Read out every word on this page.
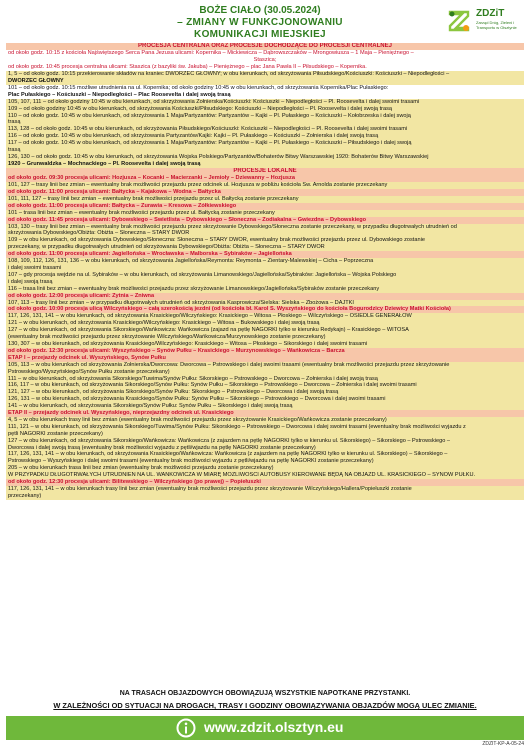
BOŻE CIAŁO (30.05.2024)
– ZMIANY W FUNKCJONOWANIU
KOMUNIKACJI MIEJSKIEJ
ZDZiT
Zarząd Dróg, Zieleni i Transportu w Olsztynie
PROCESJA CENTRALNA ORAZ PROCESJE DOCHODZĄCE DO PROCESJI CENTRALNEJ
od około godz. 10:15 z kościoła Najświętszego Serca Pana Jezusa ulicami: Kopernika – Mickiewicza – Dąbrowszczaków – Mrongowiusza – 1 Maja – Pieniężnego –
Staszica;
od około godz. 10:45 procesja centralna ulicami: Staszica (z bazyliki św. Jakuba) – Pieniężnego – plac Jana Pawła II – Piłsudskiego – Kopernika.
1, 5 – od około godz. 10:15 przekierowanie składów na kraniec DWORZEC GŁÓWNY; w obu kierunkach, od skrzyżowania Piłsudskiego/Kościuszki: Kościuszki – Niepodległości –
DWORZEC GŁÓWNY
101 – od około godz. 10:15 możliwe utrudnienia na ul. Kopernika; od około godziny 10:45 w obu kierunkach, od skrzyżowania Kopernika/Plac Pułaskiego:
Plac Pułaskiego – Kościuszki – Niepodległości – Plac Roosevelta i dalej swoją trasą
105, 107, 111 – od około godziny 10:45 w obu kierunkach, od skrzyżowania Żołnierska/Kościuszki: Kościuszki – Niepodległości – Pl. Roosevelta i dalej swoimi trasami
109 – od około godziny 10:45 w obu kierunkach, od skrzyżowania Kościuszki/Piłsudskiego: Kościuszki – Niepodległości – Pl. Roosevelta i dalej swoją trasą
110 – od około godz. 10:45 w obu kierunkach, od skrzyżowania 1 Maja/Partyzantów: Partyzantów – Kajki – Pl. Pułaskiego – Kościuszki – Kołobrzeska i dalej swoją
trasą
113, 128 – od około godz. 10:45 w obu kierunkach, od skrzyżowania Piłsudskiego/Kościuszki: Kościuszki – Niepodległości – Pl. Roosevelta i dalej swoimi trasami
116 – od około godz. 10:45 w obu kierunkach, od skrzyżowania Partyzantów/Kajki: Kajki – Pl. Pułaskiego – Kościuszki – Żołnierska i dalej swoją trasą
117 – od około godz. 10:45 w obu kierunkach, od skrzyżowania 1 Maja/Partyzantów: Partyzantów – Kajki – Pl. Pułaskiego – Kościuszki – Piłsudskiego i dalej swoją
trasą
126, 130 – od około godz. 10:45 w obu kierunkach, od skrzyżowania Wojska Polskiego/Partyzantów/Bohaterów Bitwy Warszawskiej 1920: Bohaterów Bitwy Warszawskiej
1920 – Grunwaldzka – Mochnackiego – Pl. Roosevelta i dalej swoją trasą
PROCESJE LOKALNE
od około godz. 09:30 procesja ulicami: Hozjusza – Kocanki – Macierzanki – Jemioły – Dziewanny – Hozjusza
101, 127 – trasy linii bez zmian – ewentualny brak możliwości przejazdu przez odcinek ul. Hozjusza w pobliżu kościoła Św. Arnolda zostanie przeczekany
od około godz. 11:00 procesja ulicami: Bałtycka – Kajakowa – Wodna – Bałtycka
101, 111, 127 – trasy linii bez zmian – ewentualny brak możliwości przejazdu przez ul. Bałtycką zostanie przeczekany
od około godz. 11:00 procesja ulicami: Bałtycka – Żurawia – Kresowa – Żółkiewskiego
101 – trasa linii bez zmian – ewentualny brak możliwości przejazdu przez ul. Bałtycką zostanie przeczekany
od około godz. 11:45 procesja ulicami: Dybowskiego – Świetlista – Dybowskiego – Słoneczna – Zodiakalna – Gwiezdna – Dybowskiego
103, 130 – trasy linii bez zmian – ewentualny brak możliwości przejazdu przez skrzyżowanie Dybowskiego/Słoneczna zostanie przeczekany, w przypadku długotrwałych utrudnień od
skrzyżowania Dybowskiego/Obiżta: Obiżta – Słoneczna – STARY DWÓR
109 – w obu kierunkach, od skrzyżowania Dybowskiego/Słoneczna: Słoneczna – STARY DWÓR, ewentualny brak możliwości przejazdu przez ul. Dybowskiego zostanie
przeczekany, w przypadku długotrwałych utrudnień od skrzyżowania Dybowskiego/Obiżta: Obiżta – Słoneczna – STARY DWÓR
od około godz. 11:00 procesja ulicami: Jagiellońska – Wrocławska – Malborska – Sybiraków – Jagiellońska
108, 109, 112, 126, 131, 136 – w obu kierunkach, od skrzyżowania Jagiellońska/Reymonta: Reymonta – Zientary-Malewskiej – Cicha – Poprzeczna
i dalej swoimi trasami
107 – gdy procesja wejdzie na ul. Sybiraków – w obu kierunkach, od skrzyżowania Limanowskiego/Jagiellońska/Sybiraków: Jagiellońska – Wojska Polskiego
i dalej swoją trasą
116 – trasa linii bez zmian – ewentualny brak możliwości przejazdu przez skrzyżowanie Limanowskiego/Jagiellońska/Sybiraków zostanie przeczekany
od około godz. 12:00 procesja ulicami: Żytnia – Żniwna
107, 113 – trasy linii bez zmian – w przypadku długotrwałych utrudnień od skrzyżowania Kasprowicza/Sielska: Sielska – Zbożowa – DAJTKI
od około godz. 10:00 procesja ulicą Wilczyńskiego – całą szerokością jezdni (od kościoła bł. Karol S. Wyszyńskiego do kościoła Bogurodzicy Dziewicy Matki Kościoła)
117, 126, 131, 141 – w obu kierunkach, od skrzyżowania Krasickiego/Wilczyńskiego: Krasickiego – Witosa – Płoskiego – Wilczyńskiego – OSIEDLE GENERAŁÓW
121 – w obu kierunkach, od skrzyżowania Krasickiego/Wilczyńskiego: Krasickiego – Witosa – Bukowskiego i dalej swoją trasą
127 – w obu kierunkach, od skrzyżowania Sikorskiego/Wańkowicza: Wańkowicza (zajazd na pętlę NAGÓRKI tylko w kierunku Redykajn) – Krasickiego – WITOSA
(ewentualny brak możliwości przejazdu przez skrzyżowanie Wilczyńskiego/Wańkowicza/Murzynowskiego zostanie przeczekany)
130, 307 – w obu kierunkach, od skrzyżowania Krasickiego/Wilczyńskiego: Krasickiego – Witosa – Płoskiego – Sikorskiego i dalej swoimi trasami
od około godz. 12:30 procesja ulicami: Wyszyńskiego – Synów Pułku – Krasickiego – Murzynowskiego – Wańkowicza – Barcza
ETAP I – przejazdy odcinek ul. Wyszyńskiego, Synów Pułku
105, 113 – w obu kierunkach od skrzyżowania Żołnierska/Dworcowa: Dworcowa – Pstrowskiego i dalej swoimi trasami (ewentualny brak możliwości przejazdu przez skrzyżowanie
Pstrowskiego/Wyszyńskiego/Synów Pułku zostanie przeczekany)
111 – w obu kierunkach, od skrzyżowania Sikorskiego/Tuwima/Synów Pułku: Sikorskiego – Pstrowskiego – Dworcowa – Żołnierska i dalej swoją trasą
116, 117 – w obu kierunkach, od skrzyżowania Sikorskiego/Synów Pułku: Synów Pułku – Sikorskiego – Pstrowskiego – Dworcowa – Żołnierska i dalej swoimi trasami
121, 127 – w obu kierunkach, od skrzyżowania Sikorskiego/Synów Pułku: Sikorskiego – Pstrowskiego – Dworcowa i dalej swoją trasą
126, 131 – w obu kierunkach, od skrzyżowania Krasickiego/Synów Pułku: Synów Pułku – Sikorskiego – Pstrowskiego – Dworcowa i dalej swoimi trasami
141 – w obu kierunkach, od skrzyżowania Sikorskiego/Synów Pułku: Synów Pułku – Sikorskiego i dalej swoją trasą
ETAP II – przejazdy odcinek ul. Wyszyńskiego, nieprzejazdny odcinek ul. Krasickiego
4, 5 – w obu kierunkach trasy linii bez zmian (ewentualny brak możliwości przejazdu przez skrzyżowanie Krasickiego/Wańkowicza zostanie przeczekany)
111, 121 – w obu kierunkach, od skrzyżowania Sikorskiego/Tuwima/Synów Pułku: Sikorskiego – Pstrowskiego – Dworcowa i dalej swoimi trasami (ewentualny brak możliwości wyjazdu z
pętli NAGÓRKI zostanie przeczekany)
127 – w obu kierunkach, od skrzyżowania Sikorskiego/Wańkowicza: Wańkowicza (z zajazdem na pętlę NAGÓRKI tylko w kierunku ul. Sikorskiego) – Sikorskiego – Pstrowskiego –
Dworcowa i dalej swoją trasą (ewentualny brak możliwości wyjazdu z pętli/wjazdu na pętlę NAGÓRKI zostanie przeczekany)
117, 126, 131, 141 – w obu kierunkach, od skrzyżowania Krasickiego/Wańkowicza: Wańkowicza (z zajazdem na pętlę NAGÓRKI tylko w kierunku ul. Sikorskiego) – Sikorskiego –
Pstrowskiego – Wyszyńskiego i dalej swoimi trasami (ewentualny brak możliwości wyjazdu z pętli/wjazdu na pętlę NAGÓRKI zostanie przeczekany)
205 – w obu kierunkach trasa linii bez zmian (ewentualny brak możliwości przejazdu zostanie przeczekany)
W PRZYPADKU DŁUGOTRWAŁYCH UTRUDNIEŃ NA UL. WAŃKOWICZA W MIARĘ MOŻLIWOŚCI AUTOBUSY KIEROWANE BĘDĄ NA OBJAZD UL. KRASICKIEGO – SYNÓW PUŁKU.
od około godz. 12:30 procesja ulicami: Bilitewskiego – Wilczyńskiego (po prawej) – Popiełuszki
117, 126, 131, 141 – w obu kierunkach trasy linii bez zmian (ewentualny brak możliwości przejazdu przez skrzyżowanie Wilczyńskiego/Hallera/Popiełuszki zostanie
przeczekany)
NA TRASACH OBJAZDOWYCH OBOWIĄZUJĄ WSZYSTKIE NAPOTKANE PRZYSTANKI.
W ZALEŻNOŚCI OD SYTUACJI NA DROGACH, TRASY I GODZINY OBOWIĄZYWANIA OBJAZDÓW MOGĄ ULEC ZMIANIE.
www.zdzit.olsztyn.eu
ZDZIT-KP-A-05-24
